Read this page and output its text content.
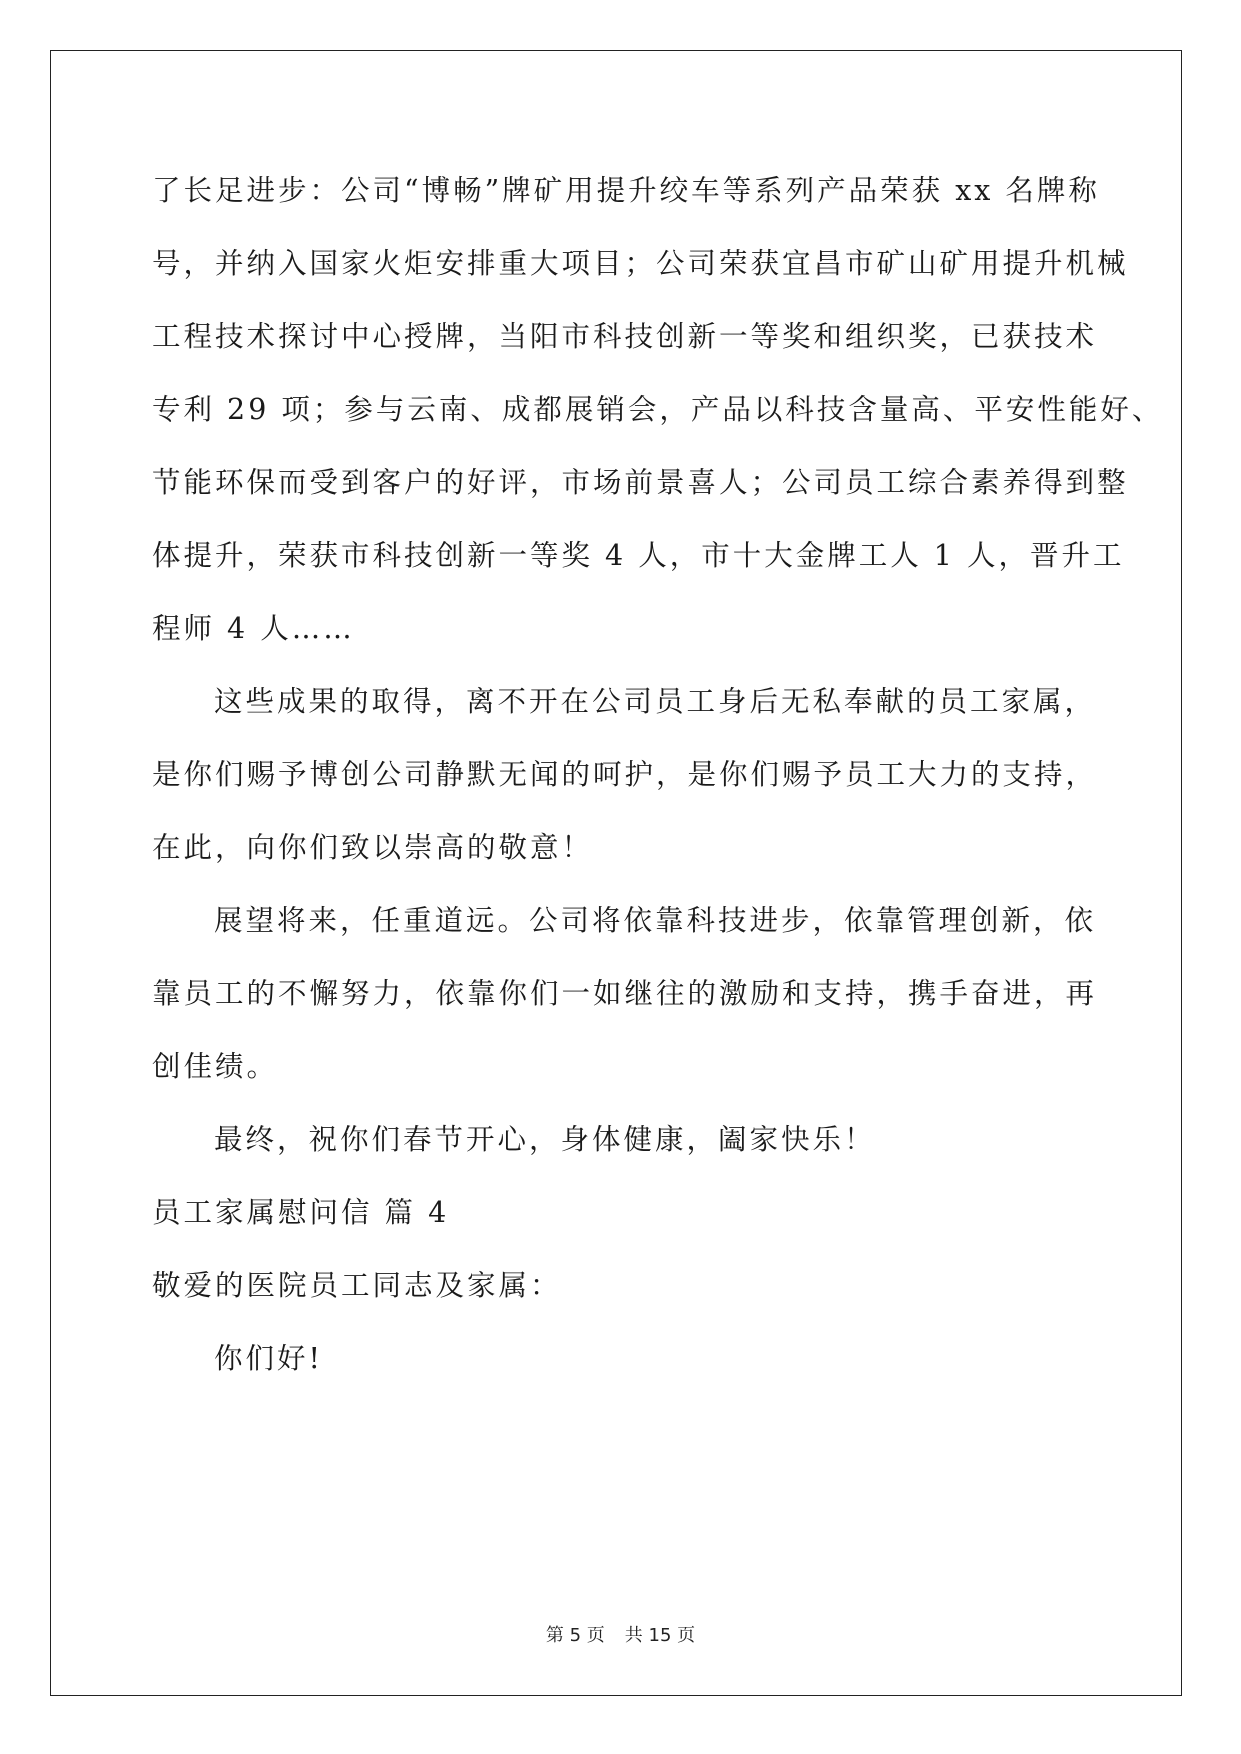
了长足进步：公司“博畅”牌矿用提升绞车等系列产品荣获 xx 名牌称
号，并纳入国家火炬安排重大项目；公司荣获宜昌市矿山矿用提升机械
工程技术探讨中心授牌，当阳市科技创新一等奖和组织奖，已获技术
专利 29 项；参与云南、成都展销会，产品以科技含量高、平安性能好、
节能环保而受到客户的好评，市场前景喜人；公司员工综合素养得到整
体提升，荣获市科技创新一等奖 4 人，市十大金牌工人 1 人，晋升工
程师 4 人……
这些成果的取得，离不开在公司员工身后无私奉献的员工家属，
是你们赐予博创公司静默无闻的呵护，是你们赐予员工大力的支持，
在此，向你们致以崇高的敬意！
展望将来，任重道远。公司将依靠科技进步，依靠管理创新，依
靠员工的不懈努力，依靠你们一如继往的激励和支持，携手奋进，再
创佳绩。
最终，祝你们春节开心，身体健康，阖家快乐！
员工家属慰问信 篇 4
敬爱的医院员工同志及家属：
你们好!
第 5 页 共 15 页
